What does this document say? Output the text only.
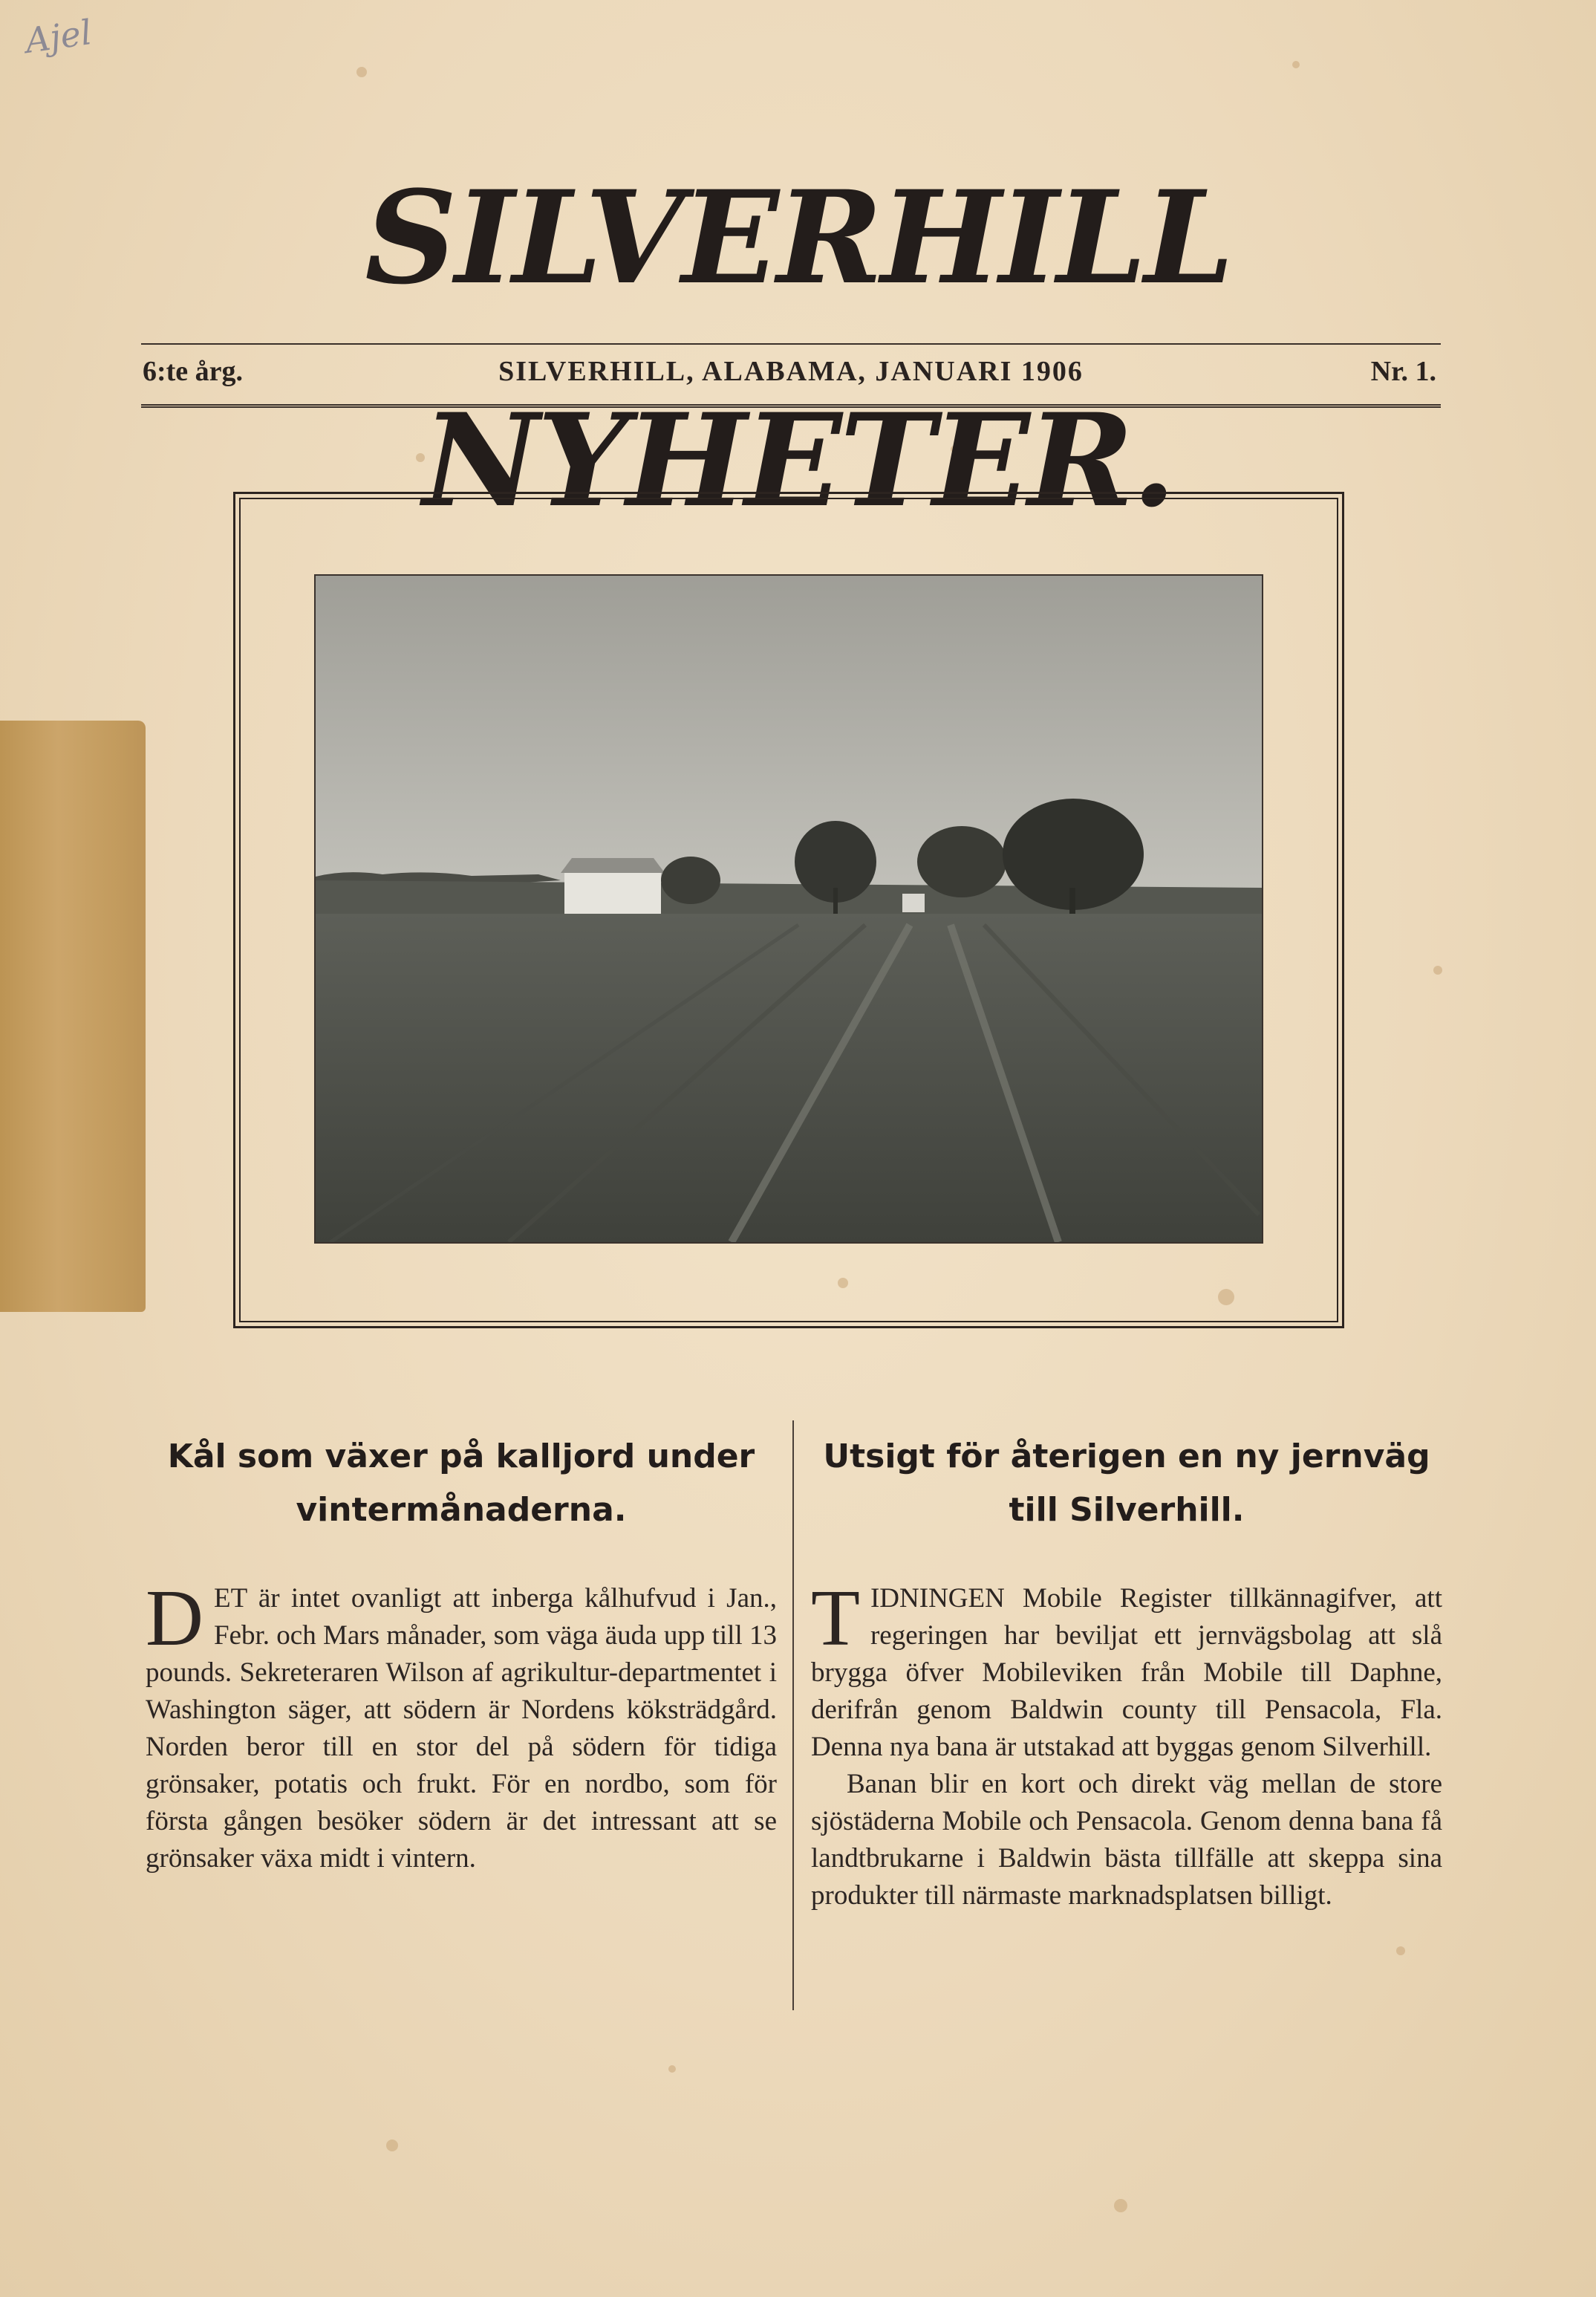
Ajel
SILVERHILL NYHETER.
6:te årg.	SILVERHILL, ALABAMA, JANUARI 1906	Nr. 1.
Kål som växer på kalljord under vintermånaderna.

DET är intet ovanligt att inberga kålhufvud i Jan., Febr. och Mars månader, som väga äuda upp till 13 pounds. Sekreteraren Wilson af agrikultur-departmentet i Washington säger, att södern är Nordens köksträdgård. Norden beror till en stor del på södern för tidiga grönsaker, potatis och frukt. För en nordbo, som för första gången besöker södern är det intressant att se grönsaker växa midt i vintern.

Utsigt för återigen en ny jernväg till Silverhill.

TIDNINGEN Mobile Register tillkännagifver, att regeringen har beviljat ett jernvägsbolag att slå brygga öfver Mobileviken från Mobile till Daphne, derifrån genom Baldwin county till Pensacola, Fla. Denna nya bana är utstakad att byggas genom Silverhill.

Banan blir en kort och direkt väg mellan de store sjöstäderna Mobile och Pensacola. Genom denna bana få landtbrukarne i Baldwin bästa tillfälle att skeppa sina produkter till närmaste marknadsplatsen billigt.
